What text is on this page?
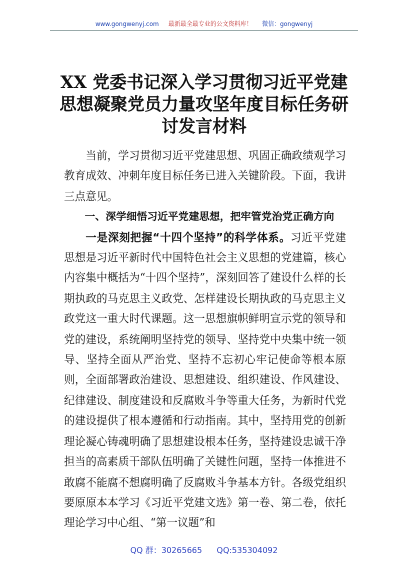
www.gongwenyj.com 最新最全最专业的公文资料库！ 微信：gongwenyj
XX 党委书记深入学习贯彻习近平党建思想凝聚党员力量攻坚年度目标任务研讨发言材料

当前，学习贯彻习近平党建思想、巩固正确政绩观学习教育成效、冲刺年度目标任务已进入关键阶段。下面，我讲三点意见。

一、深学细悟习近平党建思想，把牢管党治党正确方向

一是深刻把握“十四个坚持”的科学体系。习近平党建思想是习近平新时代中国特色社会主义思想的党建篇，核心内容集中概括为“十四个坚持”，深刻回答了建设什么样的长期执政的马克思主义政党、怎样建设长期执政的马克思主义政党这一重大时代课题。这一思想旗帜鲜明宣示党的领导和党的建设，系统阐明坚持党的领导、坚持党中央集中统一领导、坚持全面从严治党、坚持不忘初心牢记使命等根本原则，全面部署政治建设、思想建设、组织建设、作风建设、纪律建设、制度建设和反腐败斗争等重大任务，为新时代党的建设提供了根本遵循和行动指南。其中，坚持用党的创新理论凝心铸魂明确了思想建设根本任务，坚持建设忠诚干净担当的高素质干部队伍明确了关键性问题，坚持一体推进不敢腐不能腐不想腐明确了反腐败斗争基本方针。各级党组织要原原本本学习《习近平党建文选》第一卷、第二卷，依托理论学习中心组、“第一议题”和

QQ 群：30265665 QQ:535304092
